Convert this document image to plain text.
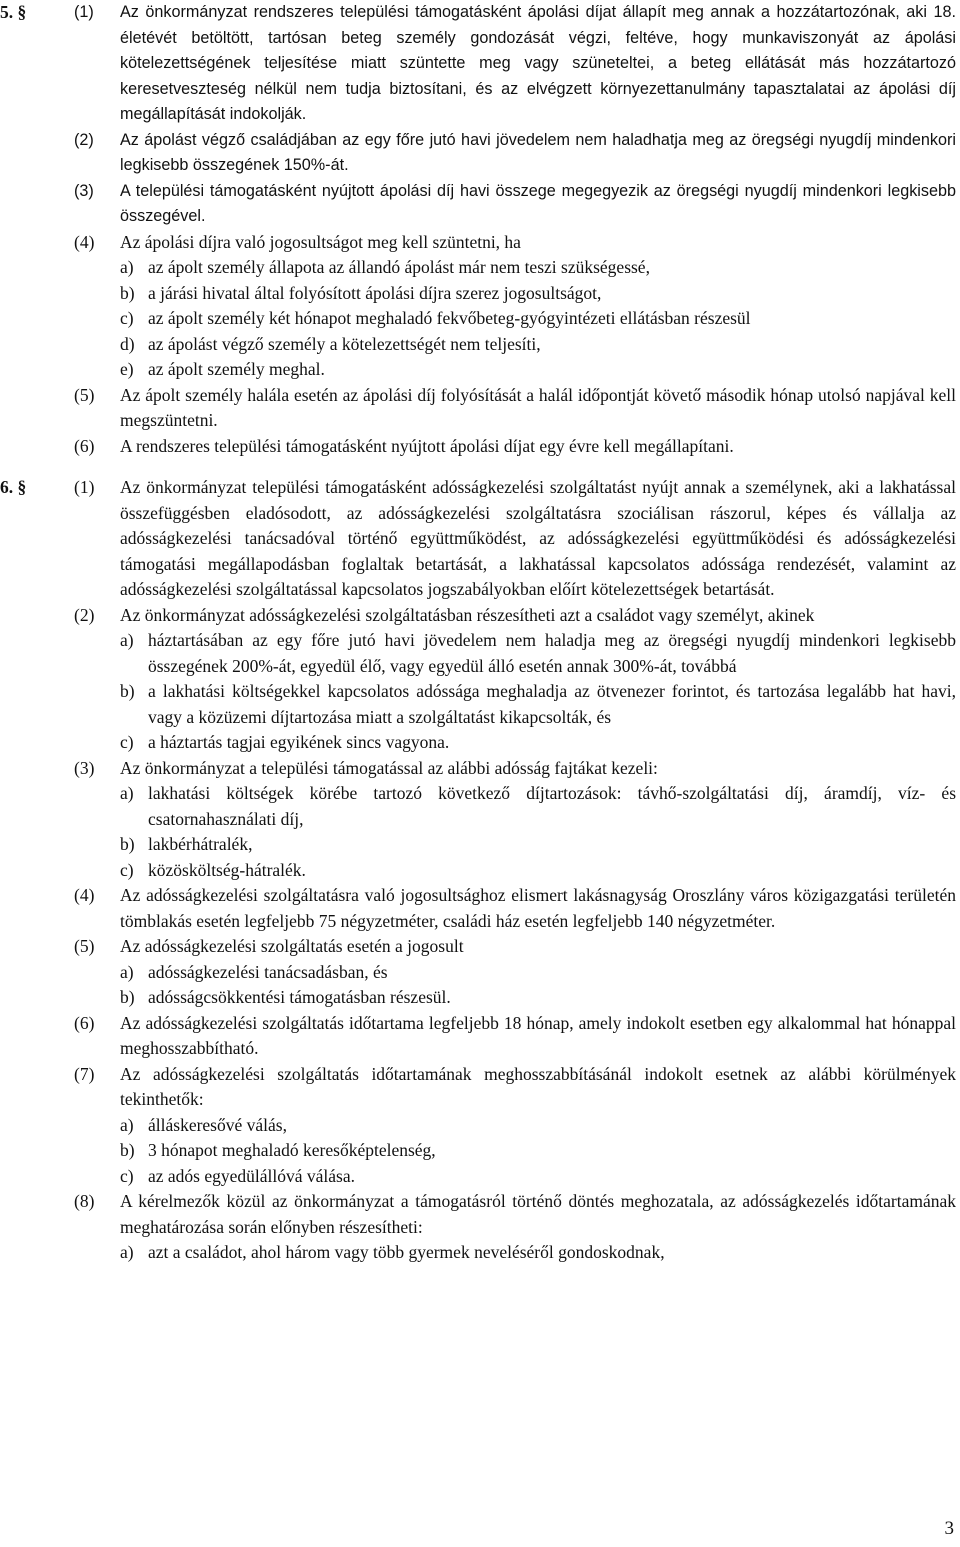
5. §	(1) Az önkormányzat rendszeres települési támogatásként ápolási díjat állapít meg annak a hozzátartozónak, aki 18. életévét betöltött, tartósan beteg személy gondozását végzi, feltéve, hogy munkaviszonyát az ápolási kötelezettségének teljesítése miatt szüntette meg vagy szüneteltei, a beteg ellátását más hozzátartozó keresetveszteség nélkül nem tudja biztosítani, és az elvégzett környezettanulmány tapasztalatai az ápolási díj megállapítását indokolják.
(2) Az ápolást végző családjában az egy főre jutó havi jövedelem nem haladhatja meg az öregségi nyugdíj mindenkori legkisebb összegének 150%-át.
(3) A települési támogatásként nyújtott ápolási díj havi összege megegyezik az öregségi nyugdíj mindenkori legkisebb összegével.
(4) Az ápolási díjra való jogosultságot meg kell szüntetni, ha
a) az ápolt személy állapota az állandó ápolást már nem teszi szükségessé,
b) a járási hivatal által folyósított ápolási díjra szerez jogosultságot,
c) az ápolt személy két hónapot meghaladó fekvőbeteg-gyógyintézeti ellátásban részesül
d) az ápolást végző személy a kötelezettségét nem teljesíti,
e) az ápolt személy meghal.
(5) Az ápolt személy halála esetén az ápolási díj folyósítását a halál időpontját követő második hónap utolsó napjával kell megszüntetni.
(6) A rendszeres települési támogatásként nyújtott ápolási díjat egy évre kell megállapítani.
6. §	(1) Az önkormányzat települési támogatásként adósságkezelési szolgáltatást nyújt annak a személynek, aki a lakhatással összefüggésben eladósodott, az adósságkezelési szolgáltatásra szociálisan rászorul, képes és vállalja az adósságkezelési tanácsadóval történő együttműködést, az adósságkezelési együttműködési és adósságkezelési támogatási megállapodásban foglaltak betartását, a lakhatással kapcsolatos adóssága rendezését, valamint az adósságkezelési szolgáltatással kapcsolatos jogszabályokban előírt kötelezettségek betartását.
(2) Az önkormányzat adósságkezelési szolgáltatásban részesítheti azt a családot vagy személyt, akinek
a) háztartásában az egy főre jutó havi jövedelem nem haladja meg az öregségi nyugdíj mindenkori legkisebb összegének 200%-át, egyedül élő, vagy egyedül álló esetén annak 300%-át, továbbá
b) a lakhatási költségekkel kapcsolatos adóssága meghaladja az ötvenezer forintot, és tartozása legalább hat havi, vagy a közüzemi díjtartozása miatt a szolgáltatást kikapcsolták, és
c) a háztartás tagjai egyikének sincs vagyona.
(3) Az önkormányzat a települési támogatással az alábbi adósság fajtákat kezeli:
a) lakhatási költségek körébe tartozó következő díjtartozások: távhő-szolgáltatási díj, áramdíj, víz- és csatornahasználati díj,
b) lakbérhátralék,
c) közösköltség-hátralék.
(4) Az adósságkezelési szolgáltatásra való jogosultsághoz elismert lakásnagyság Oroszlány város közigazgatási területén tömblakás esetén legfeljebb 75 négyzetméter, családi ház esetén legfeljebb 140 négyzetméter.
(5) Az adósságkezelési szolgáltatás esetén a jogosult
a) adósságkezelési tanácsadásban, és
b) adósságcsökkentési támogatásban részesül.
(6) Az adósságkezelési szolgáltatás időtartama legfeljebb 18 hónap, amely indokolt esetben egy alkalommal hat hónappal meghosszabbítható.
(7) Az adósságkezelési szolgáltatás időtartamának meghosszabbításánál indokolt esetnek az alábbi körülmények tekinthetők:
a) álláskeresővé válás,
b) 3 hónapot meghaladó keresőképtelenség,
c) az adós egyedülállóvá válása.
(8) A kérelmezők közül az önkormányzat a támogatásról történő döntés meghozatala, az adósságkezelés időtartamának meghatározása során előnyben részesítheti:
a) azt a családot, ahol három vagy több gyermek neveléséről gondoskodnak,
3
